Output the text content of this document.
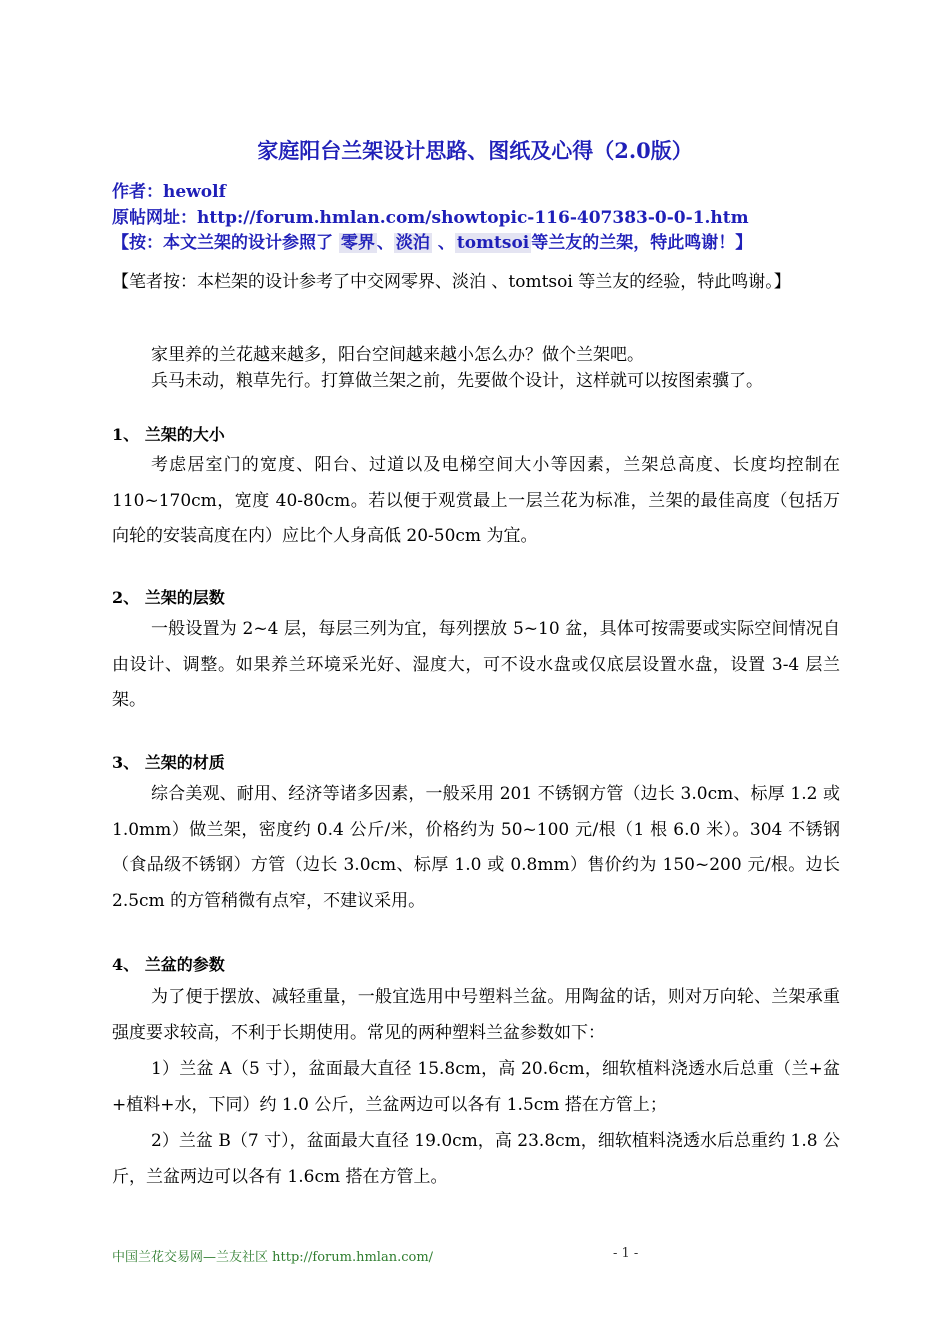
家庭阳台兰架设计思路、图纸及心得（2.0版）
作者：hewolf
原帖网址：http://forum.hmlan.com/showtopic-116-407383-0-0-1.htm
【按：本文兰架的设计参照了 零界 、 淡泊 、 tomtsoi 等兰友的兰架，特此鸣谢！】
【笔者按：本栏架的设计参考了中交网零界、淡泊 、tomtsoi 等兰友的经验，特此鸣谢。】
家里养的兰花越来越多，阳台空间越来越小怎么办？做个兰架吧。
兵马未动，粮草先行。打算做兰架之前，先要做个设计，这样就可以按图索骥了。
1、 兰架的大小
考虑居室门的宽度、阳台、过道以及电梯空间大小等因素，兰架总高度、长度均控制在 110~170cm，宽度 40-80cm。若以便于观赏最上一层兰花为标准，兰架的最佳高度（包括万向轮的安装高度在内）应比个人身高低 20-50cm 为宜。
2、 兰架的层数
一般设置为 2~4 层，每层三列为宜，每列摆放 5~10 盆，具体可按需要或实际空间情况自由设计、调整。如果养兰环境采光好、湿度大，可不设水盘或仅底层设置水盘，设置 3-4 层兰架。
3、 兰架的材质
综合美观、耐用、经济等诸多因素，一般采用 201 不锈钢方管（边长 3.0cm、标厚 1.2 或 1.0mm）做兰架，密度约 0.4 公斤/米，价格约为 50~100 元/根（1 根 6.0 米）。304 不锈钢（食品级不锈钢）方管（边长 3.0cm、标厚 1.0 或 0.8mm）售价约为 150~200 元/根。边长 2.5cm 的方管稍微有点窄，不建议采用。
4、 兰盆的参数
为了便于摆放、减轻重量，一般宜选用中号塑料兰盆。用陶盆的话，则对万向轮、兰架承重强度要求较高，不利于长期使用。常见的两种塑料兰盆参数如下：
1）兰盆 A（5 寸），盆面最大直径 15.8cm，高 20.6cm，细软植料浇透水后总重（兰+盆+植料+水，下同）约 1.0 公斤，兰盆两边可以各有 1.5cm 搭在方管上；
2）兰盆 B（7 寸），盆面最大直径 19.0cm，高 23.8cm，细软植料浇透水后总重约 1.8 公斤，兰盆两边可以各有 1.6cm 搭在方管上。
中国兰花交易网—兰友社区 http://forum.hmlan.com/	- 1 -
